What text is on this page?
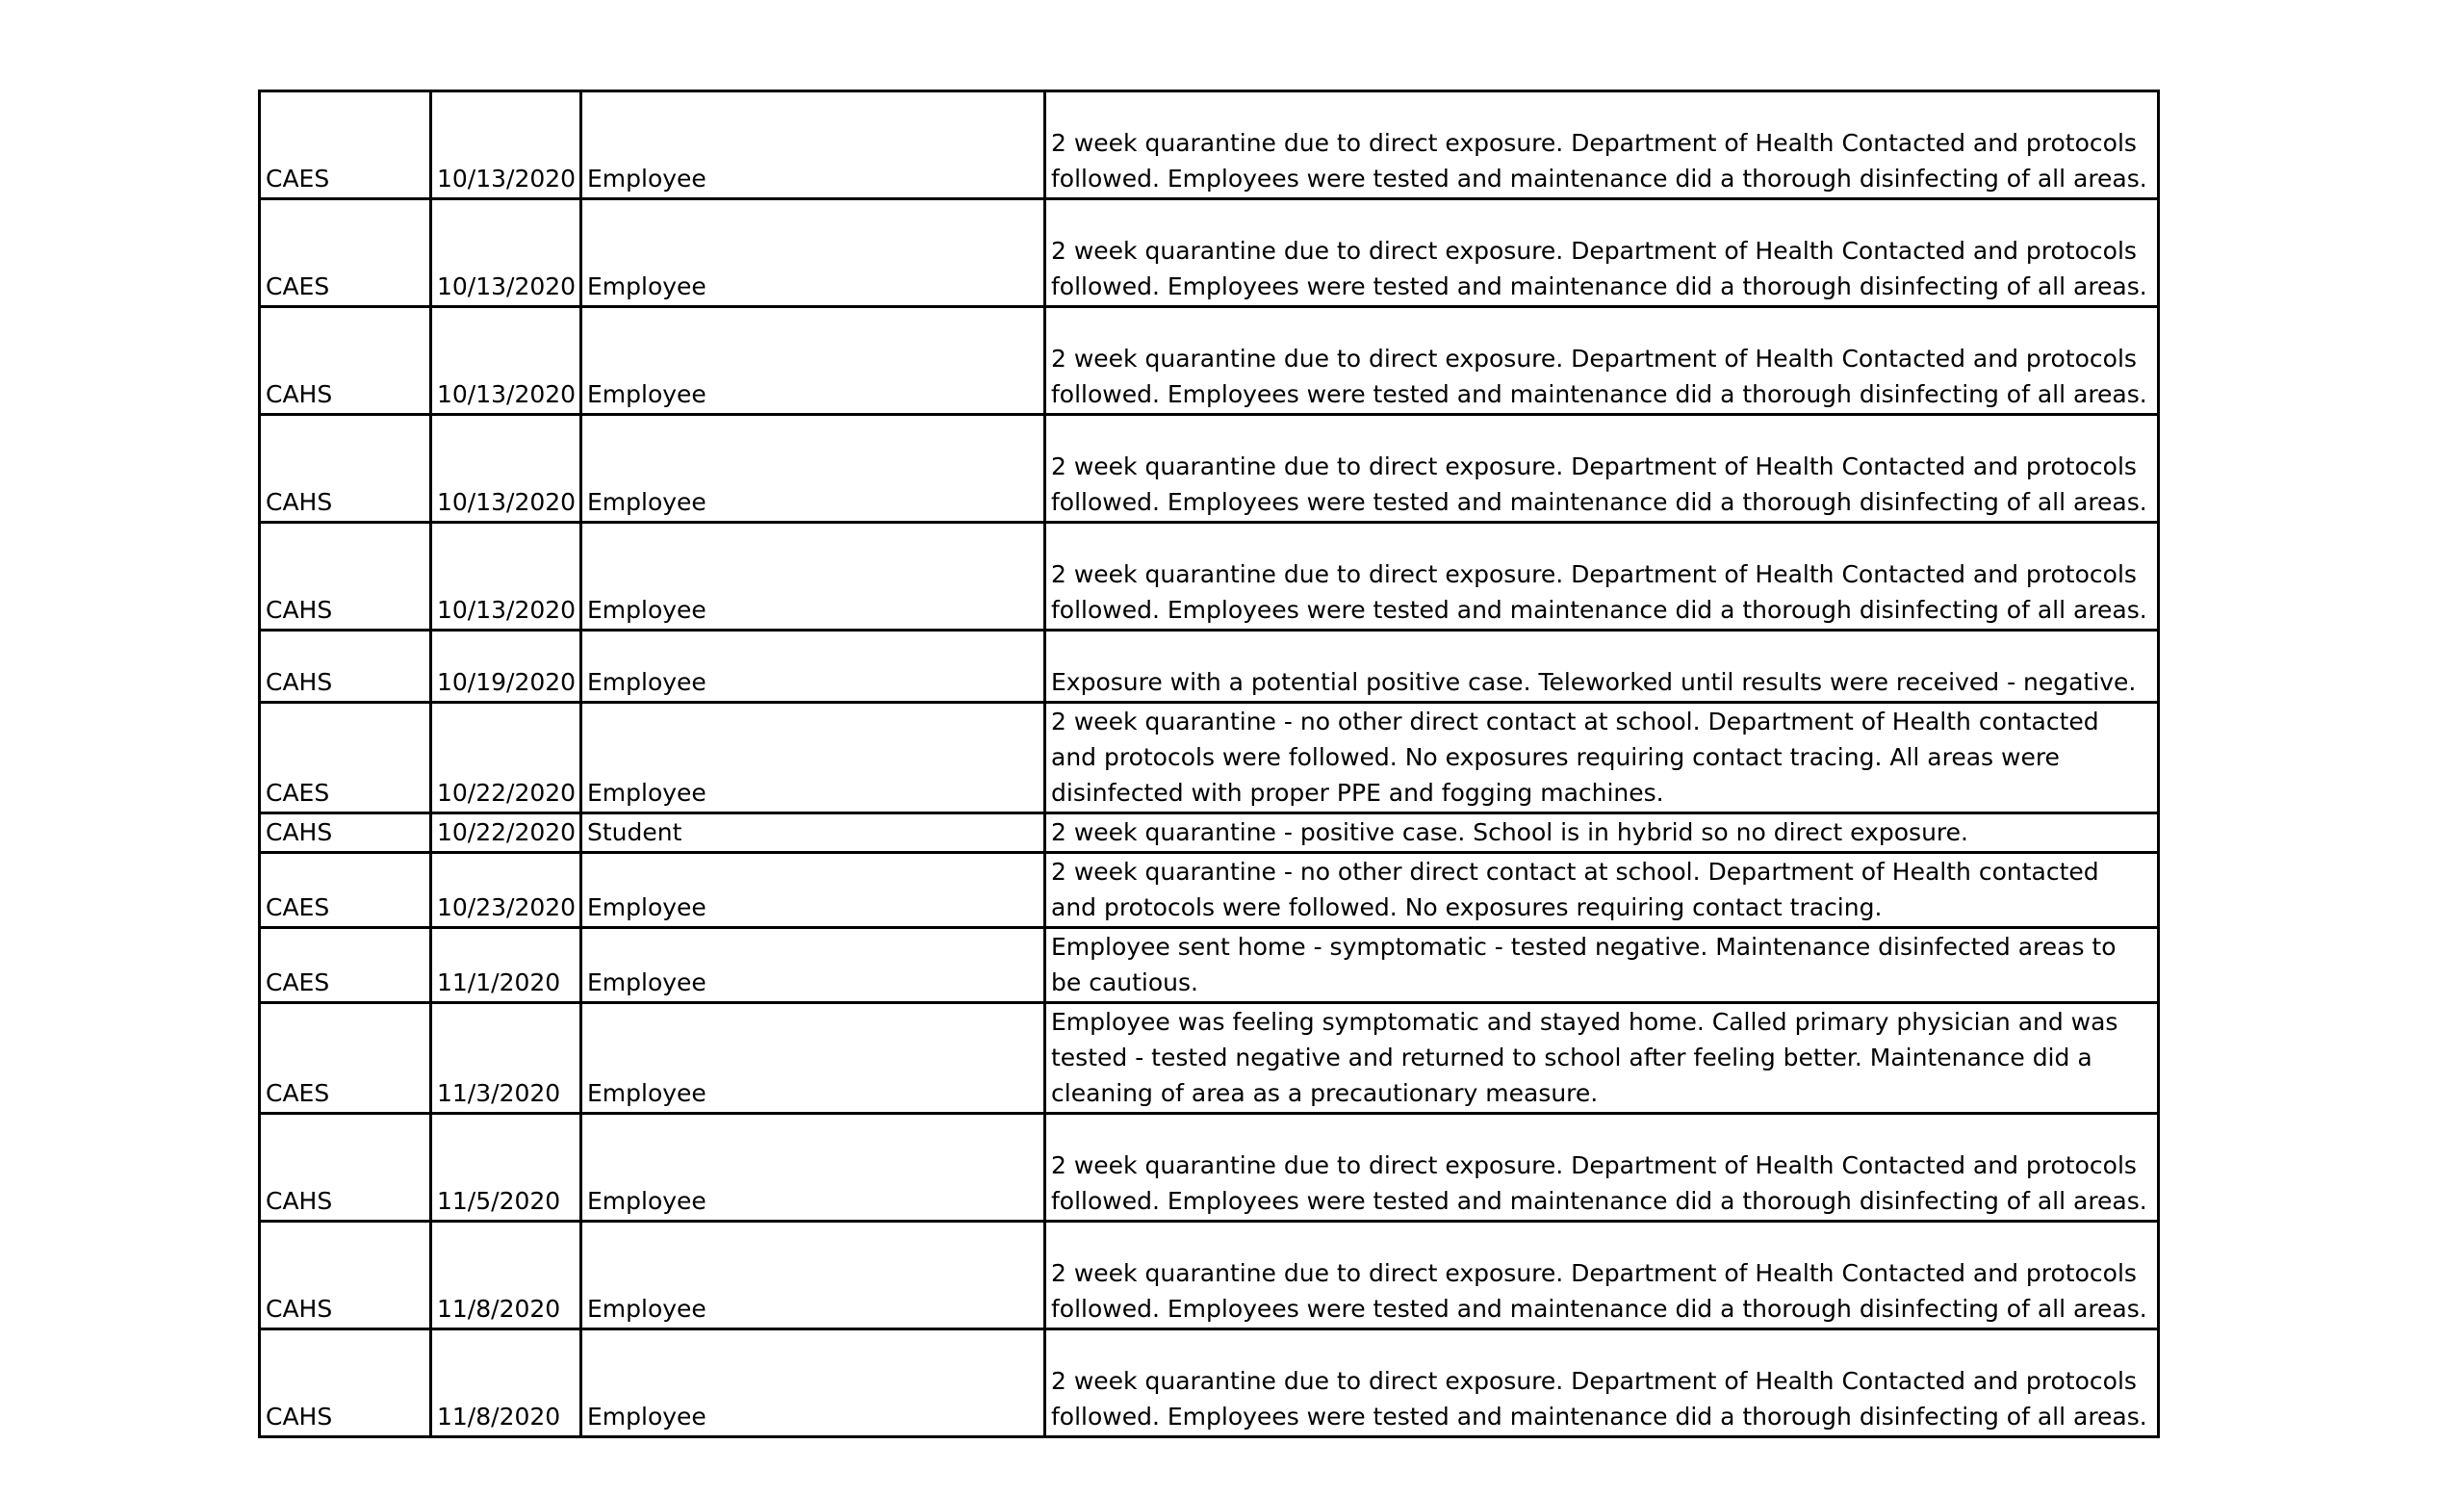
CAES	10/13/2020	Employee	2 week quarantine due to direct exposure. Department of Health Contacted and protocols followed. Employees were tested and maintenance did a thorough disinfecting of all areas.
CAES	10/13/2020	Employee	2 week quarantine due to direct exposure. Department of Health Contacted and protocols followed. Employees were tested and maintenance did a thorough disinfecting of all areas.
CAHS	10/13/2020	Employee	2 week quarantine due to direct exposure. Department of Health Contacted and protocols followed. Employees were tested and maintenance did a thorough disinfecting of all areas.
CAHS	10/13/2020	Employee	2 week quarantine due to direct exposure. Department of Health Contacted and protocols followed. Employees were tested and maintenance did a thorough disinfecting of all areas.
CAHS	10/13/2020	Employee	2 week quarantine due to direct exposure. Department of Health Contacted and protocols followed. Employees were tested and maintenance did a thorough disinfecting of all areas.
CAHS	10/19/2020	Employee	Exposure with a potential positive case. Teleworked until results were received - negative.
CAES	10/22/2020	Employee	2 week quarantine - no other direct contact at school. Department of Health contacted and protocols were followed. No exposures requiring contact tracing. All areas were disinfected with proper PPE and fogging machines.
CAHS	10/22/2020	Student	2 week quarantine - positive case. School is in hybrid so no direct exposure.
CAES	10/23/2020	Employee	2 week quarantine - no other direct contact at school. Department of Health contacted and protocols were followed. No exposures requiring contact tracing.
CAES	11/1/2020	Employee	Employee sent home - symptomatic - tested negative. Maintenance disinfected areas to be cautious.
CAES	11/3/2020	Employee	Employee was feeling symptomatic and stayed home. Called primary physician and was tested - tested negative and returned to school after feeling better. Maintenance did a cleaning of area as a precautionary measure.
CAHS	11/5/2020	Employee	2 week quarantine due to direct exposure. Department of Health Contacted and protocols followed. Employees were tested and maintenance did a thorough disinfecting of all areas.
CAHS	11/8/2020	Employee	2 week quarantine due to direct exposure. Department of Health Contacted and protocols followed. Employees were tested and maintenance did a thorough disinfecting of all areas.
CAHS	11/8/2020	Employee	2 week quarantine due to direct exposure. Department of Health Contacted and protocols followed. Employees were tested and maintenance did a thorough disinfecting of all areas.
